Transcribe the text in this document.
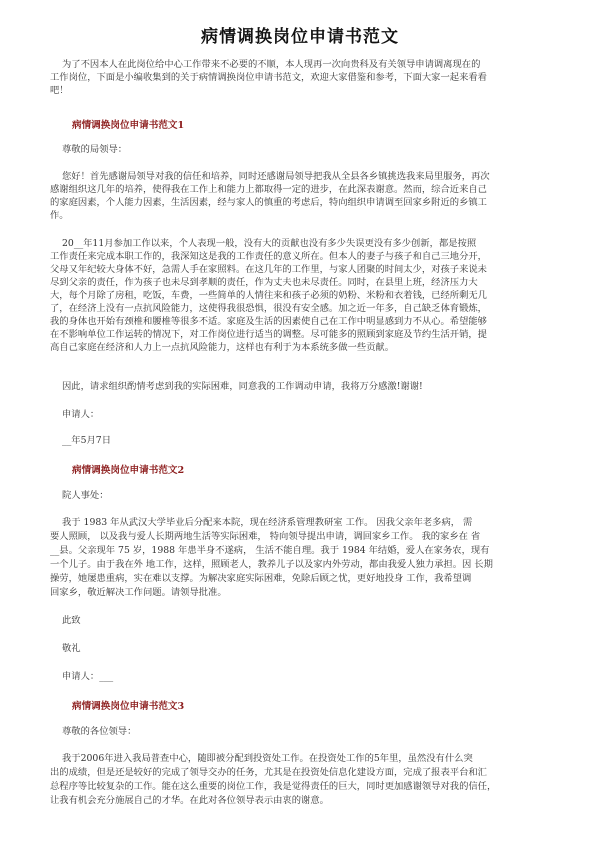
病情调换岗位申请书范文
为了不因本人在此岗位给中心工作带来不必要的不顺，本人现再一次向贵科及有关领导申请调离现在的
工作岗位，下面是小编收集到的关于病情调换岗位申请书范文，欢迎大家借鉴和参考，下面大家一起来看看
吧！
病情调换岗位申请书范文1
尊敬的局领导：
您好！首先感谢局领导对我的信任和培养，同时还感谢局领导把我从全县各乡镇挑选我来局里服务，再次
感谢组织这几年的培养，使得我在工作上和能力上都取得一定的进步，在此深表谢意。然而，综合近来自己
的家庭因素，个人能力因素，生活因素，经与家人的慎重的考虑后，特向组织申请调至回家乡附近的乡镇工
作。
20__年11月参加工作以来，个人表现一般，没有大的贡献也没有多少失误更没有多少创新，都是按照
工作责任来完成本职工作的，我深知这是我的工作责任的意义所在。但本人的妻子与孩子和自己三地分开，
父母又年纪较大身体不好，急需人手在家照料。在这几年的工作里，与家人团聚的时间太少，对孩子来说未
尽到父亲的责任，作为孩子也未尽到孝顺的责任，作为丈夫也未尽责任。同时，在县里上班，经济压力大
大，每个月除了房租，吃饭，车费，一些简单的人情往来和孩子必须的奶粉、米粉和衣着钱，已经所剩无几
了，在经济上没有一点抗风险能力，这使得我很恐惧，很没有安全感。加之近一年多，自己缺乏体育锻炼，
我的身体也开始有颈椎和腰椎等很多不适。家庭及生活的因素使自己在工作中明显感到力不从心。希望能够
在不影响单位工作运转的情况下，对工作岗位进行适当的调整。尽可能多的照顾到家庭及节约生活开销，提
高自己家庭在经济和人力上一点抗风险能力，这样也有利于为本系统多做一些贡献。
因此，请求组织酌情考虑到我的实际困难，同意我的工作调动申请，我将万分感激!谢谢!
申请人：
__年5月7日
病情调换岗位申请书范文2
院人事处：
我于 1983 年从武汉大学毕业后分配来本院，现在经济系管理教研室 工作。 因我父亲年老多病， 需
要人照顾， 以及我与爱人长期两地生活等实际困难， 特向领导提出申请，调回家乡工作。 我的家乡在 省
__县。父亲现年 75 岁，1988 年患半身不遂病， 生活不能自理。我于 1984 年结婚，爱人在家务农，现有
一个儿子。由于我在外 地工作，这样，照顾老人，教养儿子以及家内外劳动，都由我爱人独力承担。因 长期
操劳，她屡患重病，实在难以支撑。为解决家庭实际困难，免除后顾之忧，更好地投身 工作，我希望调
回家乡，敬近解决工作问题。请领导批准。
此致
敬礼
申请人：___
病情调换岗位申请书范文3
尊敬的各位领导：
我于2006年进入我局普查中心，随即被分配到投资处工作。在投资处工作的5年里，虽然没有什么突
出的成绩，但是还是较好的完成了领导交办的任务，尤其是在投资处信息化建设方面，完成了报表平台和汇
总程序等比较复杂的工作。能在这么重要的岗位工作，我是觉得责任的巨大，同时更加感谢领导对我的信任，
让我有机会充分施展自己的才华。在此对各位领导表示由衷的谢意。
